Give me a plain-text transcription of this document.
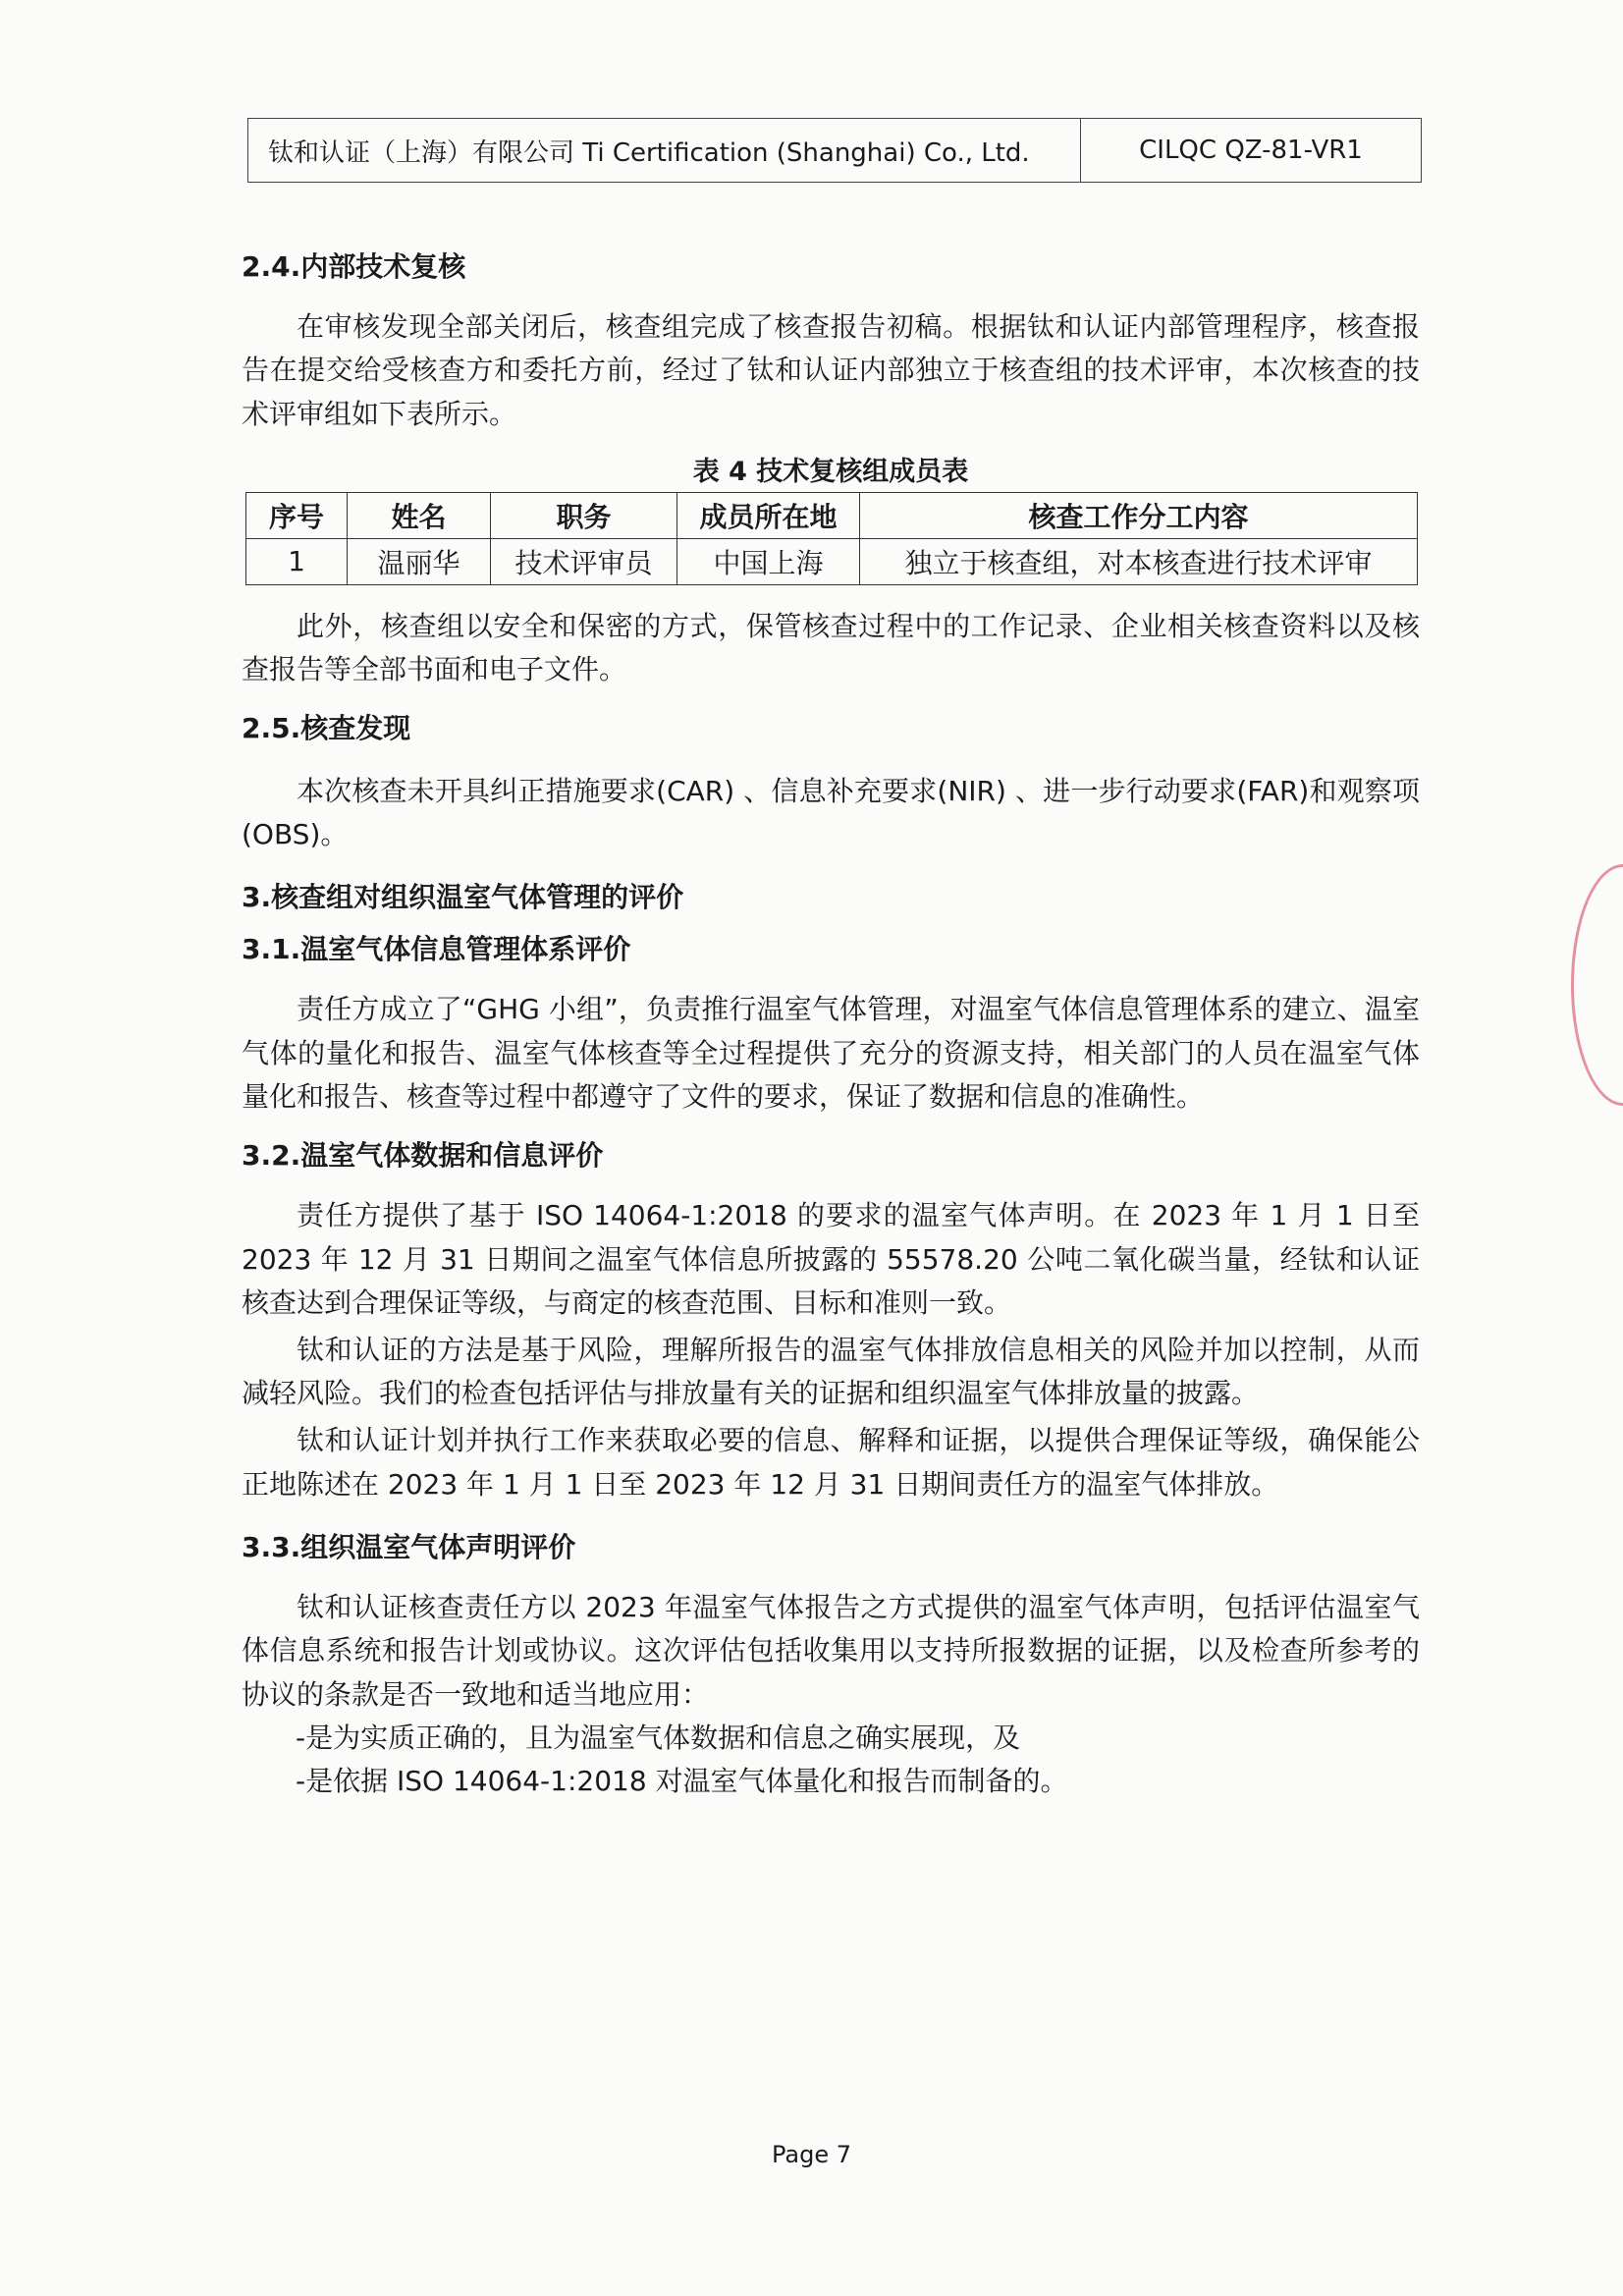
钛和认证（上海）有限公司 Ti Certification (Shanghai) Co., Ltd.	CILQC QZ-81-VR1
2.4.内部技术复核

在审核发现全部关闭后，核查组完成了核查报告初稿。根据钛和认证内部管理程序，核查报告在提交给受核查方和委托方前，经过了钛和认证内部独立于核查组的技术评审，本次核查的技术评审组如下表所示。

表 4 技术复核组成员表
序号	姓名	职务	成员所在地	核查工作分工内容
1	温丽华	技术评审员	中国上海	独立于核查组，对本核查进行技术评审

此外，核查组以安全和保密的方式，保管核查过程中的工作记录、企业相关核查资料以及核查报告等全部书面和电子文件。

2.5.核查发现

本次核查未开具纠正措施要求(CAR) 、信息补充要求(NIR) 、进一步行动要求(FAR)和观察项(OBS)。

3.核查组对组织温室气体管理的评价
3.1.温室气体信息管理体系评价

责任方成立了“GHG 小组”，负责推行温室气体管理，对温室气体信息管理体系的建立、温室气体的量化和报告、温室气体核查等全过程提供了充分的资源支持，相关部门的人员在温室气体量化和报告、核查等过程中都遵守了文件的要求，保证了数据和信息的准确性。

3.2.温室气体数据和信息评价

责任方提供了基于 ISO 14064-1:2018 的要求的温室气体声明。在 2023 年 1 月 1 日至 2023 年 12 月 31 日期间之温室气体信息所披露的 55578.20 公吨二氧化碳当量，经钛和认证核查达到合理保证等级，与商定的核查范围、目标和准则一致。

钛和认证的方法是基于风险，理解所报告的温室气体排放信息相关的风险并加以控制，从而减轻风险。我们的检查包括评估与排放量有关的证据和组织温室气体排放量的披露。

钛和认证计划并执行工作来获取必要的信息、解释和证据，以提供合理保证等级，确保能公正地陈述在 2023 年 1 月 1 日至 2023 年 12 月 31 日期间责任方的温室气体排放。

3.3.组织温室气体声明评价

钛和认证核查责任方以 2023 年温室气体报告之方式提供的温室气体声明，包括评估温室气体信息系统和报告计划或协议。这次评估包括收集用以支持所报数据的证据，以及检查所参考的协议的条款是否一致地和适当地应用：

-是为实质正确的，且为温室气体数据和信息之确实展现，及
-是依据 ISO 14064-1:2018 对温室气体量化和报告而制备的。
Page 7
